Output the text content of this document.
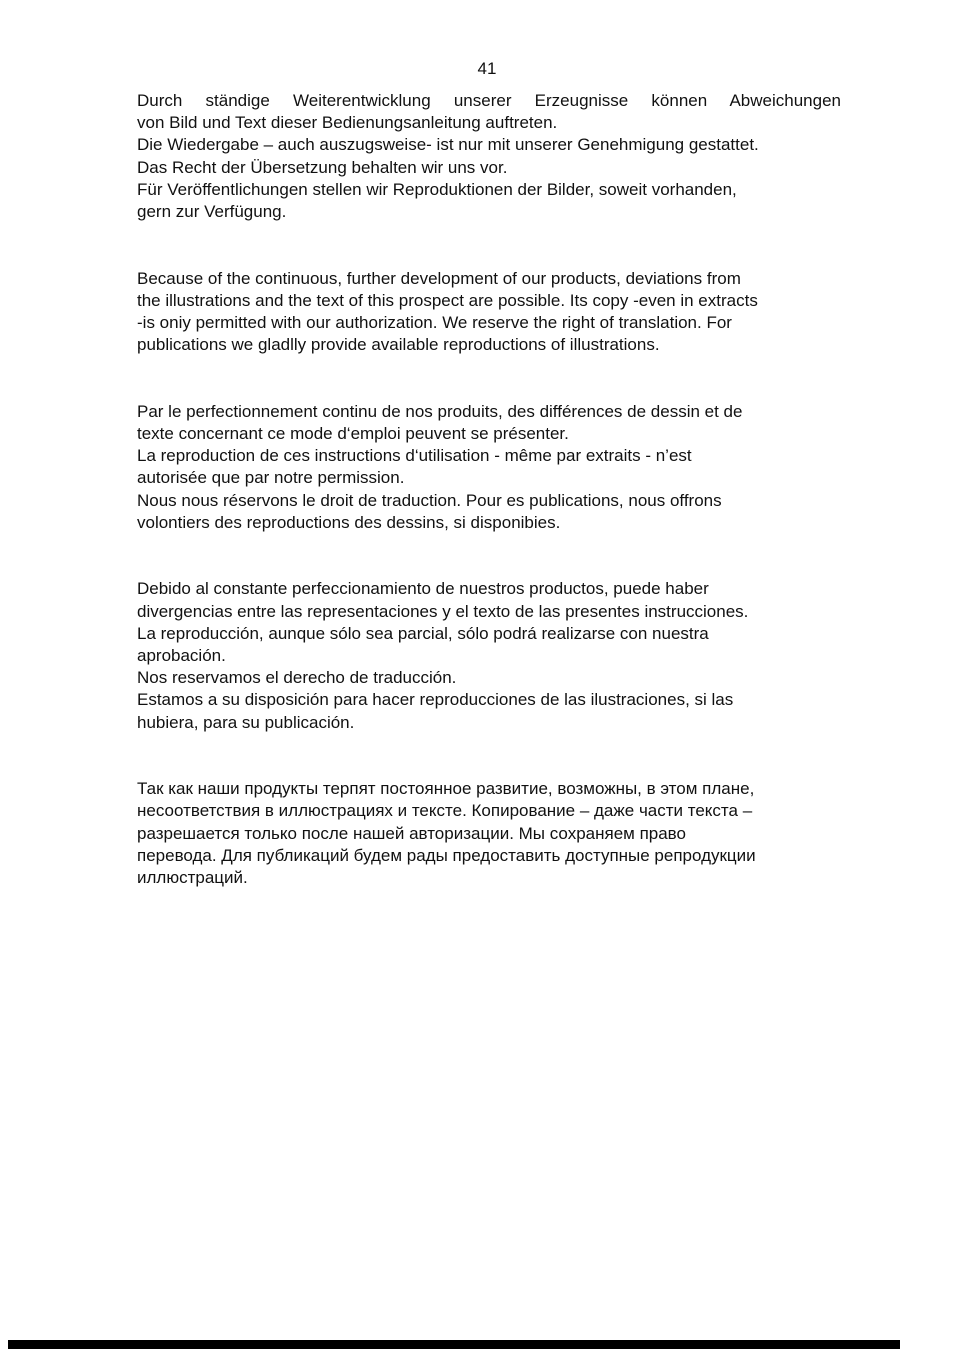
41
Durch ständige Weiterentwicklung unserer Erzeugnisse können Abweichungen
von Bild und Text dieser Bedienungsanleitung auftreten.
Die Wiedergabe – auch auszugsweise- ist nur mit unserer Genehmigung gestattet.
Das Recht der Übersetzung behalten wir uns vor.
Für Veröffentlichungen stellen wir Reproduktionen der Bilder, soweit vorhanden,
gern zur Verfügung.
Because of the continuous, further development of our products, deviations from
the illustrations and the text of this prospect are possible. Its copy -even in extracts
-is oniy permitted with our authorization. We reserve the right of translation. For
publications we gladlly provide available reproductions of illustrations.
Par le perfectionnement continu de nos produits, des différences de dessin et de
texte concernant ce mode d‘emploi peuvent se présenter.
La reproduction de ces instructions d‘utilisation - même par extraits - n’est
autorisée que par notre permission.
Nous nous réservons le droit de traduction. Pour es publications, nous offrons
volontiers des reproductions des dessins, si disponibies.
Debido al constante perfeccionamiento de nuestros productos, puede haber
divergencias entre las representaciones y el texto de las presentes instrucciones.
La reproducción, aunque sólo sea parcial, sólo podrá realizarse con nuestra
aprobación.
Nos reservamos el derecho de traducción.
Estamos a su disposición para hacer reproducciones de las ilustraciones, si las
hubiera, para su publicación.
Так как наши продукты терпят постоянное развитие, возможны, в этом плане,
несоответствия в иллюстрациях и тексте. Копирование – даже части текста –
разрешается только после нашей авторизации. Мы сохраняем право
перевода. Для публикаций будем рады предоставить доступные репродукции
иллюстраций.
